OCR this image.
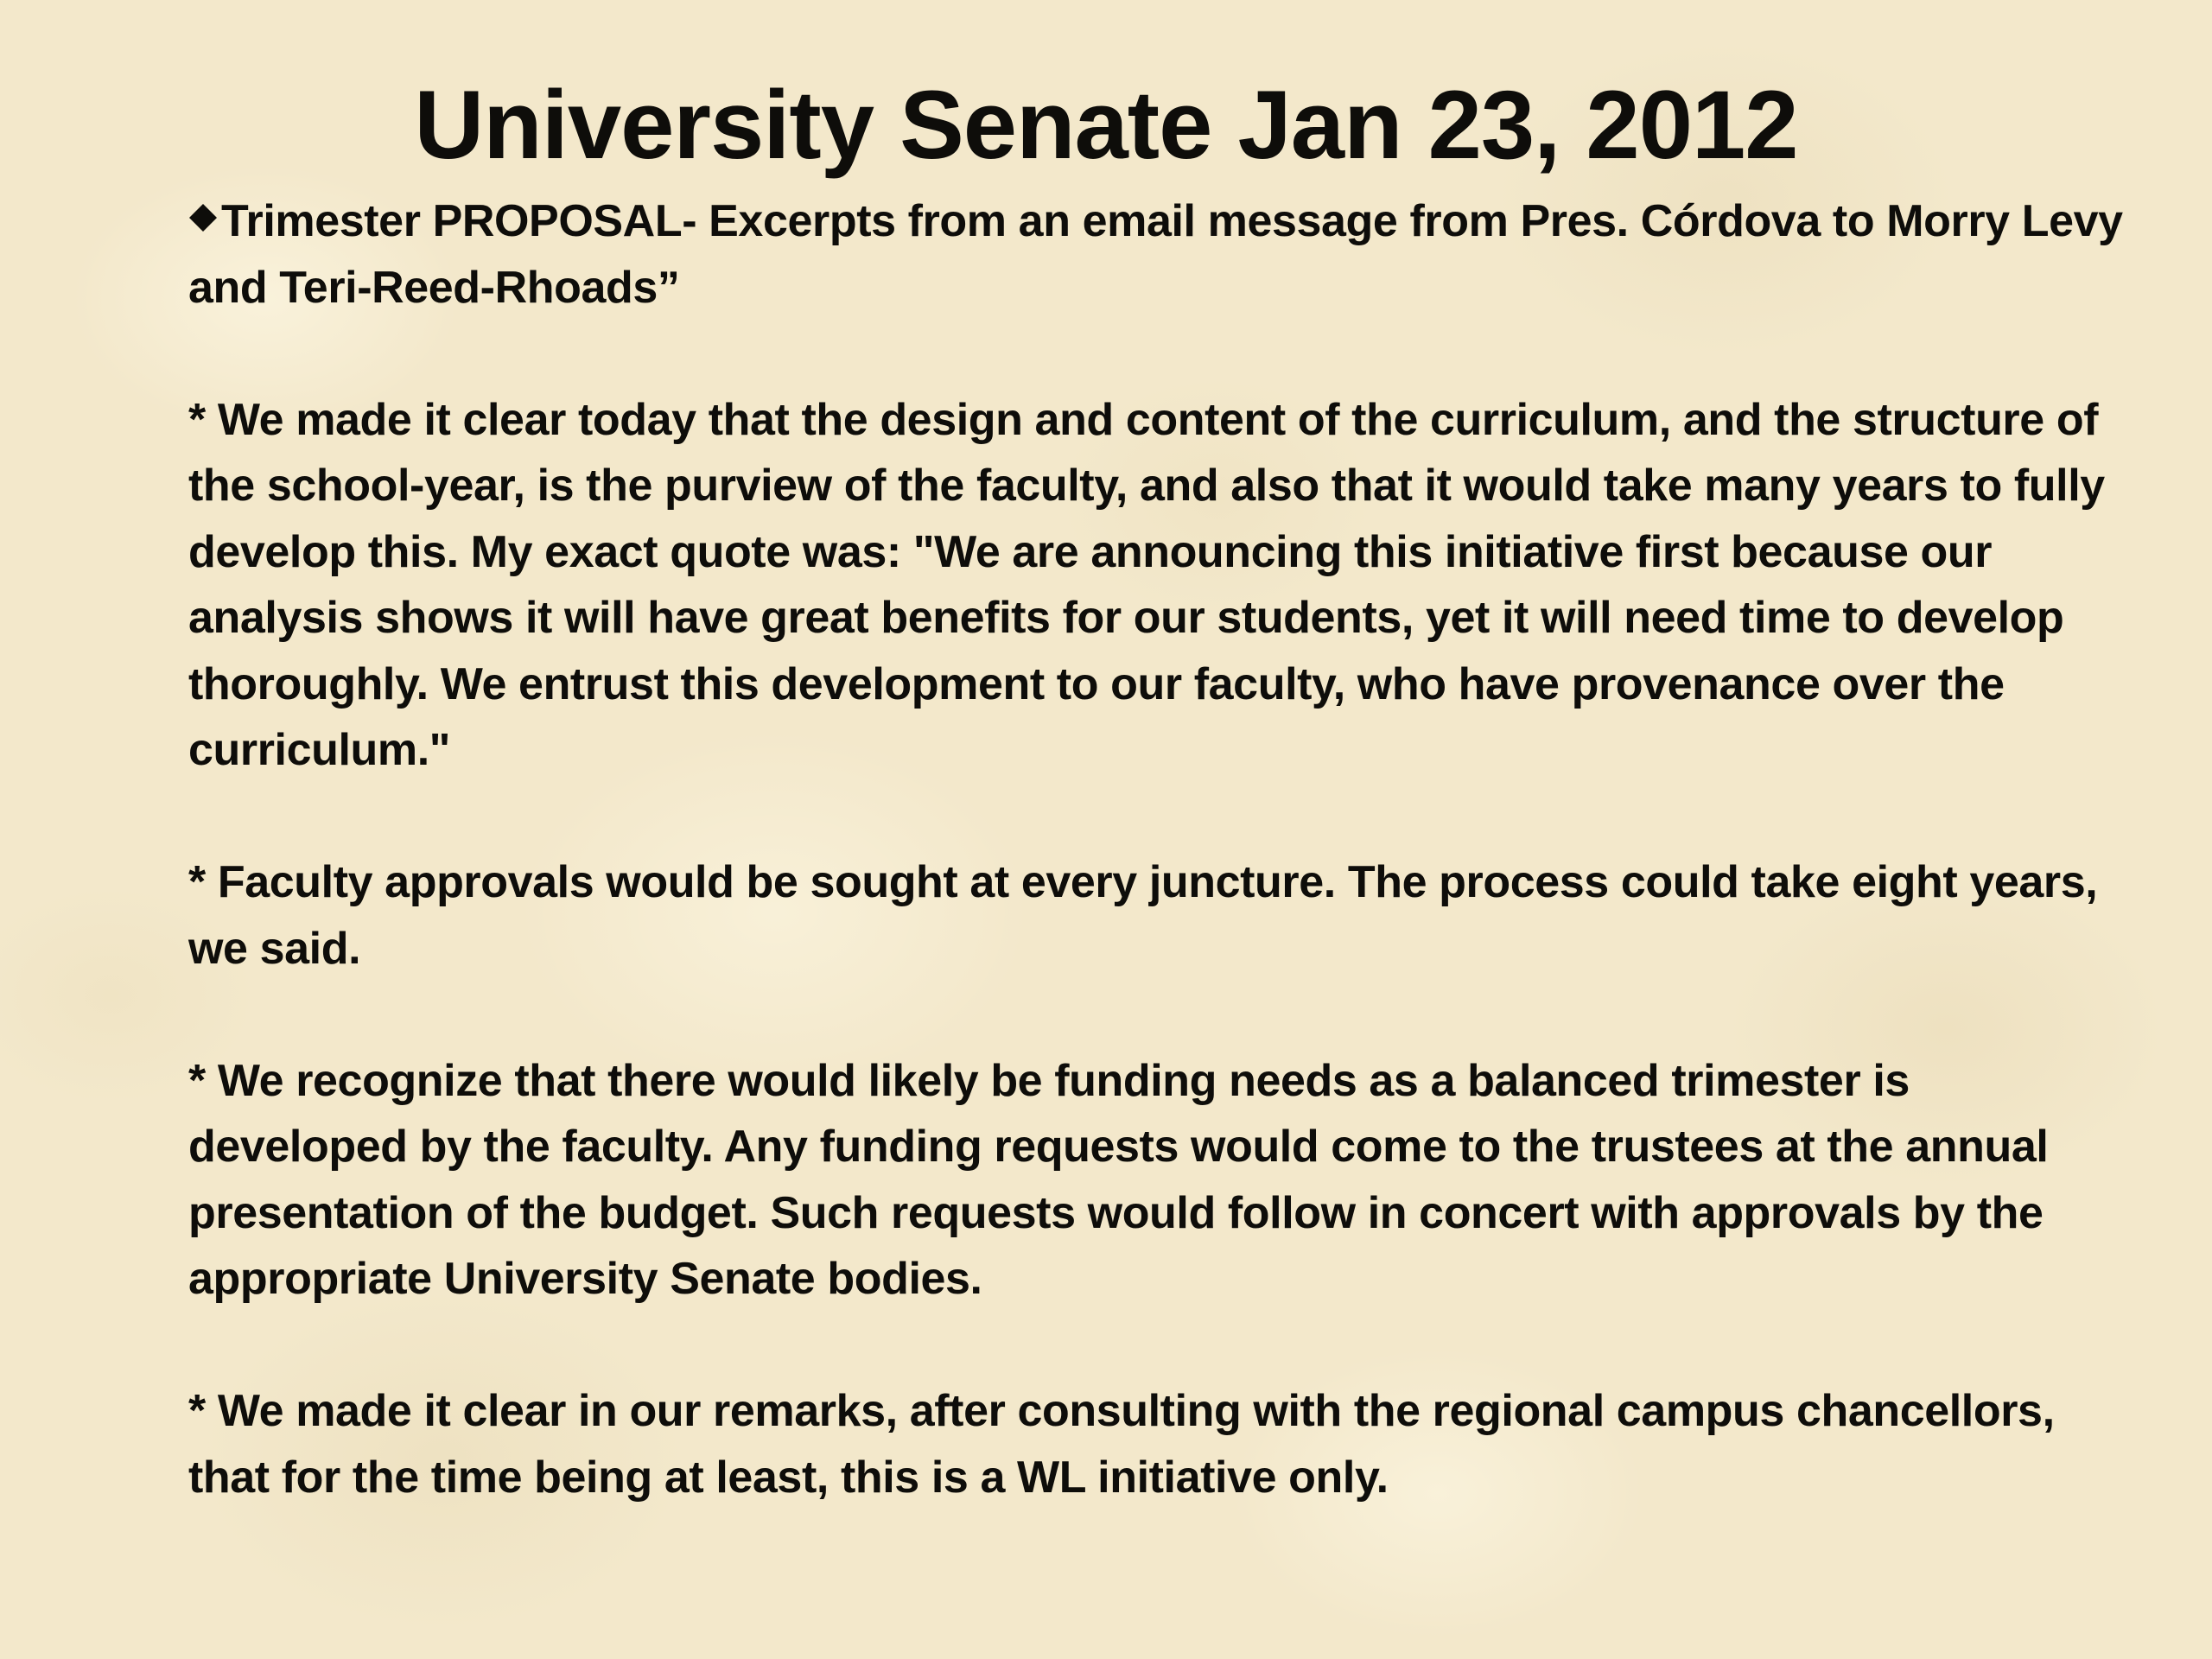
University Senate Jan 23, 2012

Trimester PROPOSAL- Excerpts from an email message from Pres. Córdova to Morry Levy and Teri-Reed-Rhoads”

* We made it clear today that the design and content of the curriculum, and the structure of the school-year, is the purview of the faculty, and also that it would take many years to fully develop this. My exact quote was: "We are announcing this initiative first because our analysis shows it will have great benefits for our students, yet it will need time to develop thoroughly. We entrust this development to our faculty, who have provenance over the curriculum."

* Faculty approvals would be sought at every juncture. The process could take eight years, we said.

* We recognize that there would likely be funding needs as a balanced trimester is developed by the faculty. Any funding requests would come to the trustees at the annual presentation of the budget. Such requests would follow in concert with approvals by the appropriate University Senate bodies.

* We made it clear in our remarks, after consulting with the regional campus chancellors, that for the time being at least, this is a WL initiative only.
